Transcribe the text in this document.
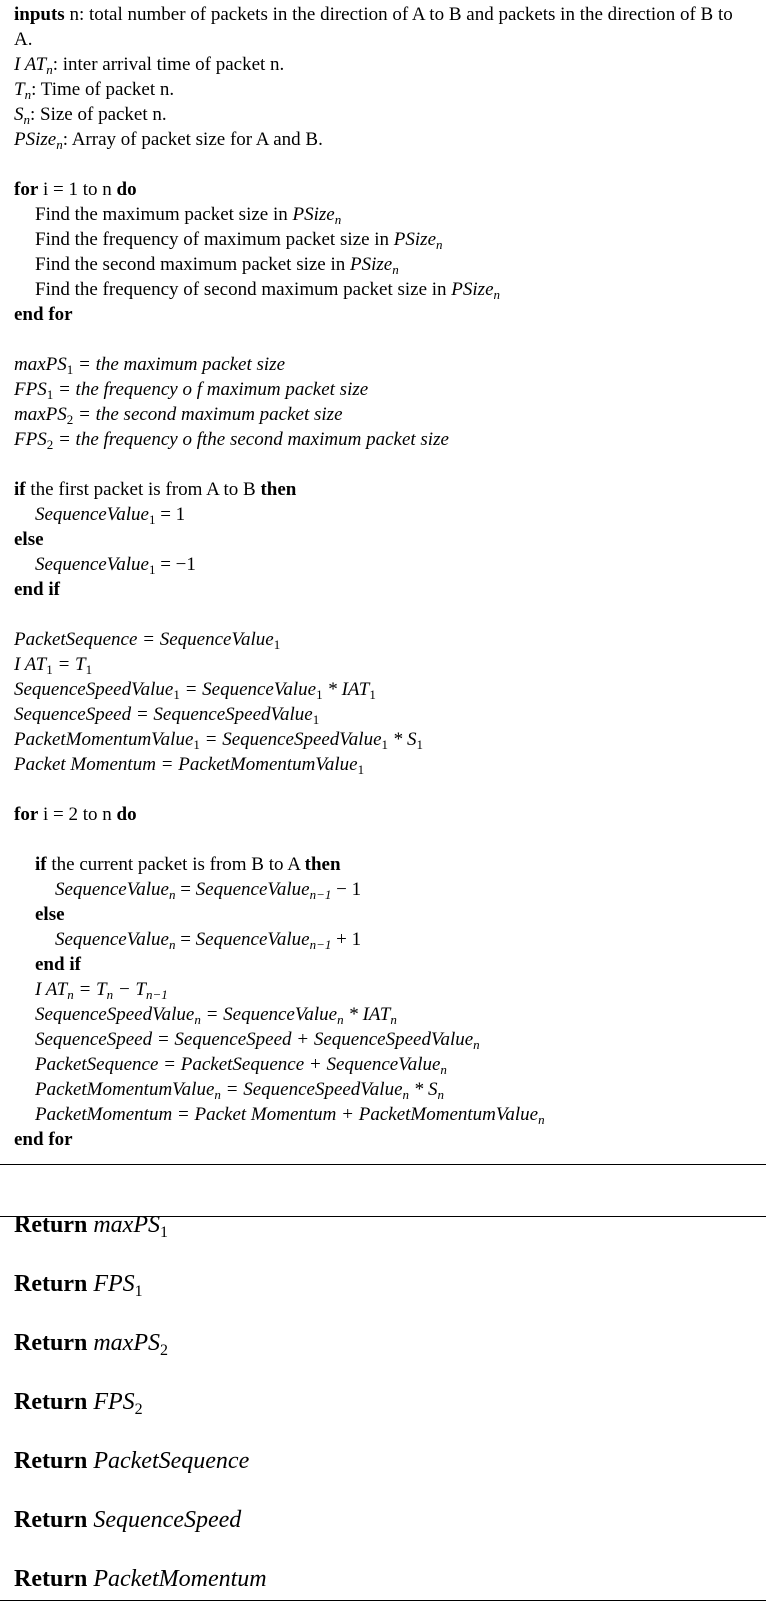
inputs n: total number of packets in the direction of A to B and packets in the direction of B to A.
I $AT_n$: inter arrival time of packet n.
$T_n$: Time of packet n.
$S_n$: Size of packet n.
PSize$_n$: Array of packet size for A and B.
for i = 1 to n do
Find the maximum packet size in PSize$_n$
Find the frequency of maximum packet size in PSize$_n$
Find the second maximum packet size in PSize$_n$
Find the frequency of second maximum packet size in PSize$_n$
end for
maxPS$_1$ = the maximum packet size
$FPS_1$ = the frequency o f maximum packet size
maxPS$_2$ = the second maximum packet size
$FPS_2$ = the frequency o fthe second maximum packet size
if the first packet is from A to B then
SequenceValue$_1$ = 1
else
SequenceValue$_1$ = −1
end if
PacketSequence = SequenceValue$_1$
I $AT_1 = T_1$
SequenceSpeedValue$_1$ = SequenceValue$_1$ * $IAT_1$
SequenceSpeed = SequenceSpeedValue$_1$
PacketMomentumValue$_1$ = SequenceSpeedValue$_1$ * $S_1$
Packet Momentum = PacketMomentumValue$_1$
for i = 2 to n do
if the current packet is from B to A then
SequenceValue$_n$ = SequenceValue$_{n-1}$ − 1
else
SequenceValue$_n$ = SequenceValue$_{n-1}$ + 1
end if
I $AT_n = T_n - T_{n-1}$
SequenceSpeedValue$_n$ = SequenceValue$_n$ * $IAT_n$
SequenceSpeed = SequenceSpeed + SequenceSpeedValue$_n$
PacketSequence = PacketSequence + SequenceValue$_n$
PacketMomentumValue$_n$ = SequenceSpeedValue$_n$ * $S_n$
PacketMomentum = Packet Momentum + PacketMomentumValue$_n$
end for
Return maxPS$_1$
Return $FPS_1$
Return maxPS$_2$
Return $FPS_2$
Return PacketSequence
Return SequenceSpeed
Return PacketMomentum
